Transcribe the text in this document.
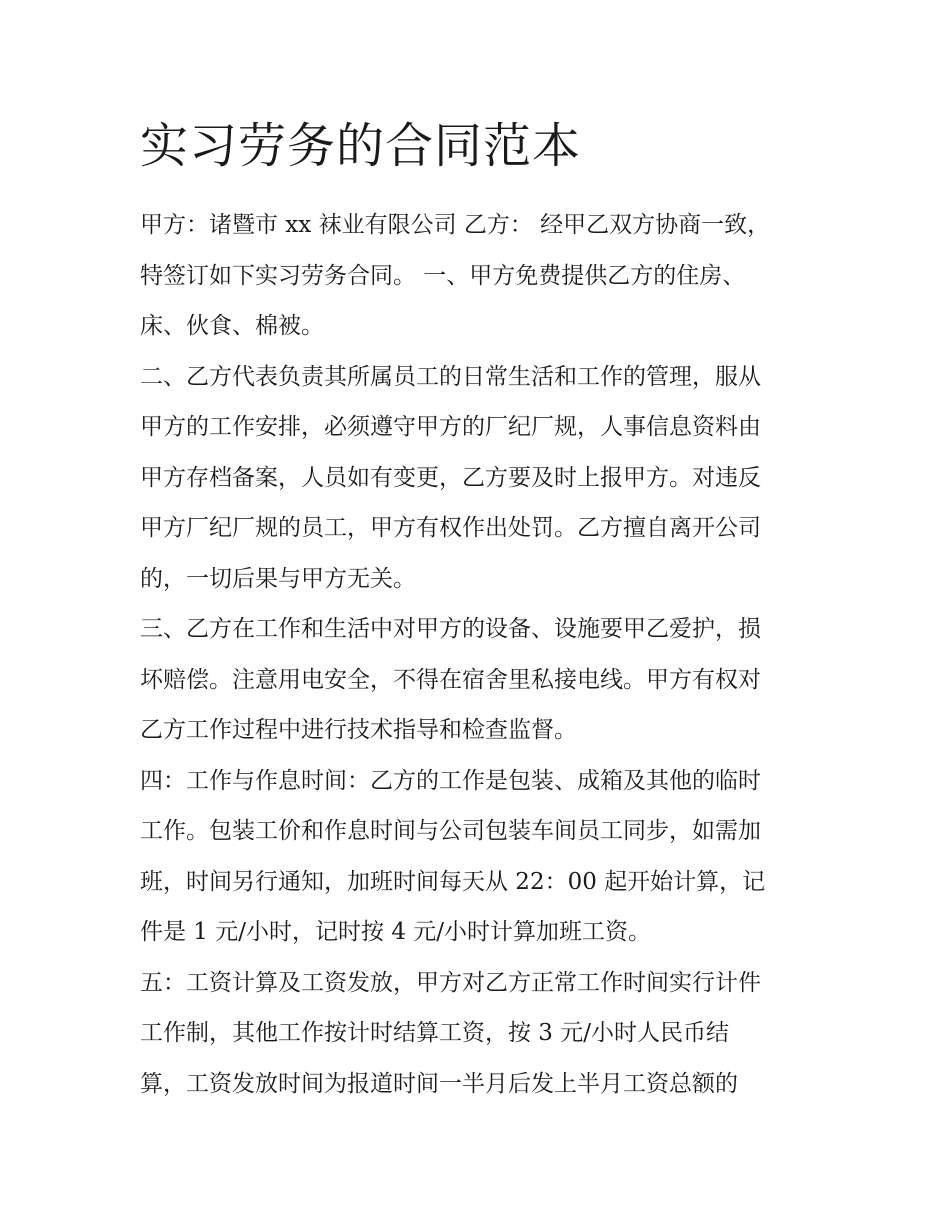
实习劳务的合同范本

甲方：诸暨市 xx 袜业有限公司 乙方： 经甲乙双方协商一致，

特签订如下实习劳务合同。 一、甲方免费提供乙方的住房、

床、伙食、棉被。

二、乙方代表负责其所属员工的日常生活和工作的管理，服从

甲方的工作安排，必须遵守甲方的厂纪厂规，人事信息资料由

甲方存档备案，人员如有变更，乙方要及时上报甲方。对违反

甲方厂纪厂规的员工，甲方有权作出处罚。乙方擅自离开公司

的，一切后果与甲方无关。

三、乙方在工作和生活中对甲方的设备、设施要甲乙爱护，损

坏赔偿。注意用电安全，不得在宿舍里私接电线。甲方有权对

乙方工作过程中进行技术指导和检查监督。

四：工作与作息时间：乙方的工作是包装、成箱及其他的临时

工作。包装工价和作息时间与公司包装车间员工同步，如需加

班，时间另行通知，加班时间每天从 22：00 起开始计算，记

件是 1 元/小时，记时按 4 元/小时计算加班工资。

五：工资计算及工资发放，甲方对乙方正常工作时间实行计件

工作制，其他工作按计时结算工资，按 3 元/小时人民币结

算，工资发放时间为报道时间一半月后发上半月工资总额的
